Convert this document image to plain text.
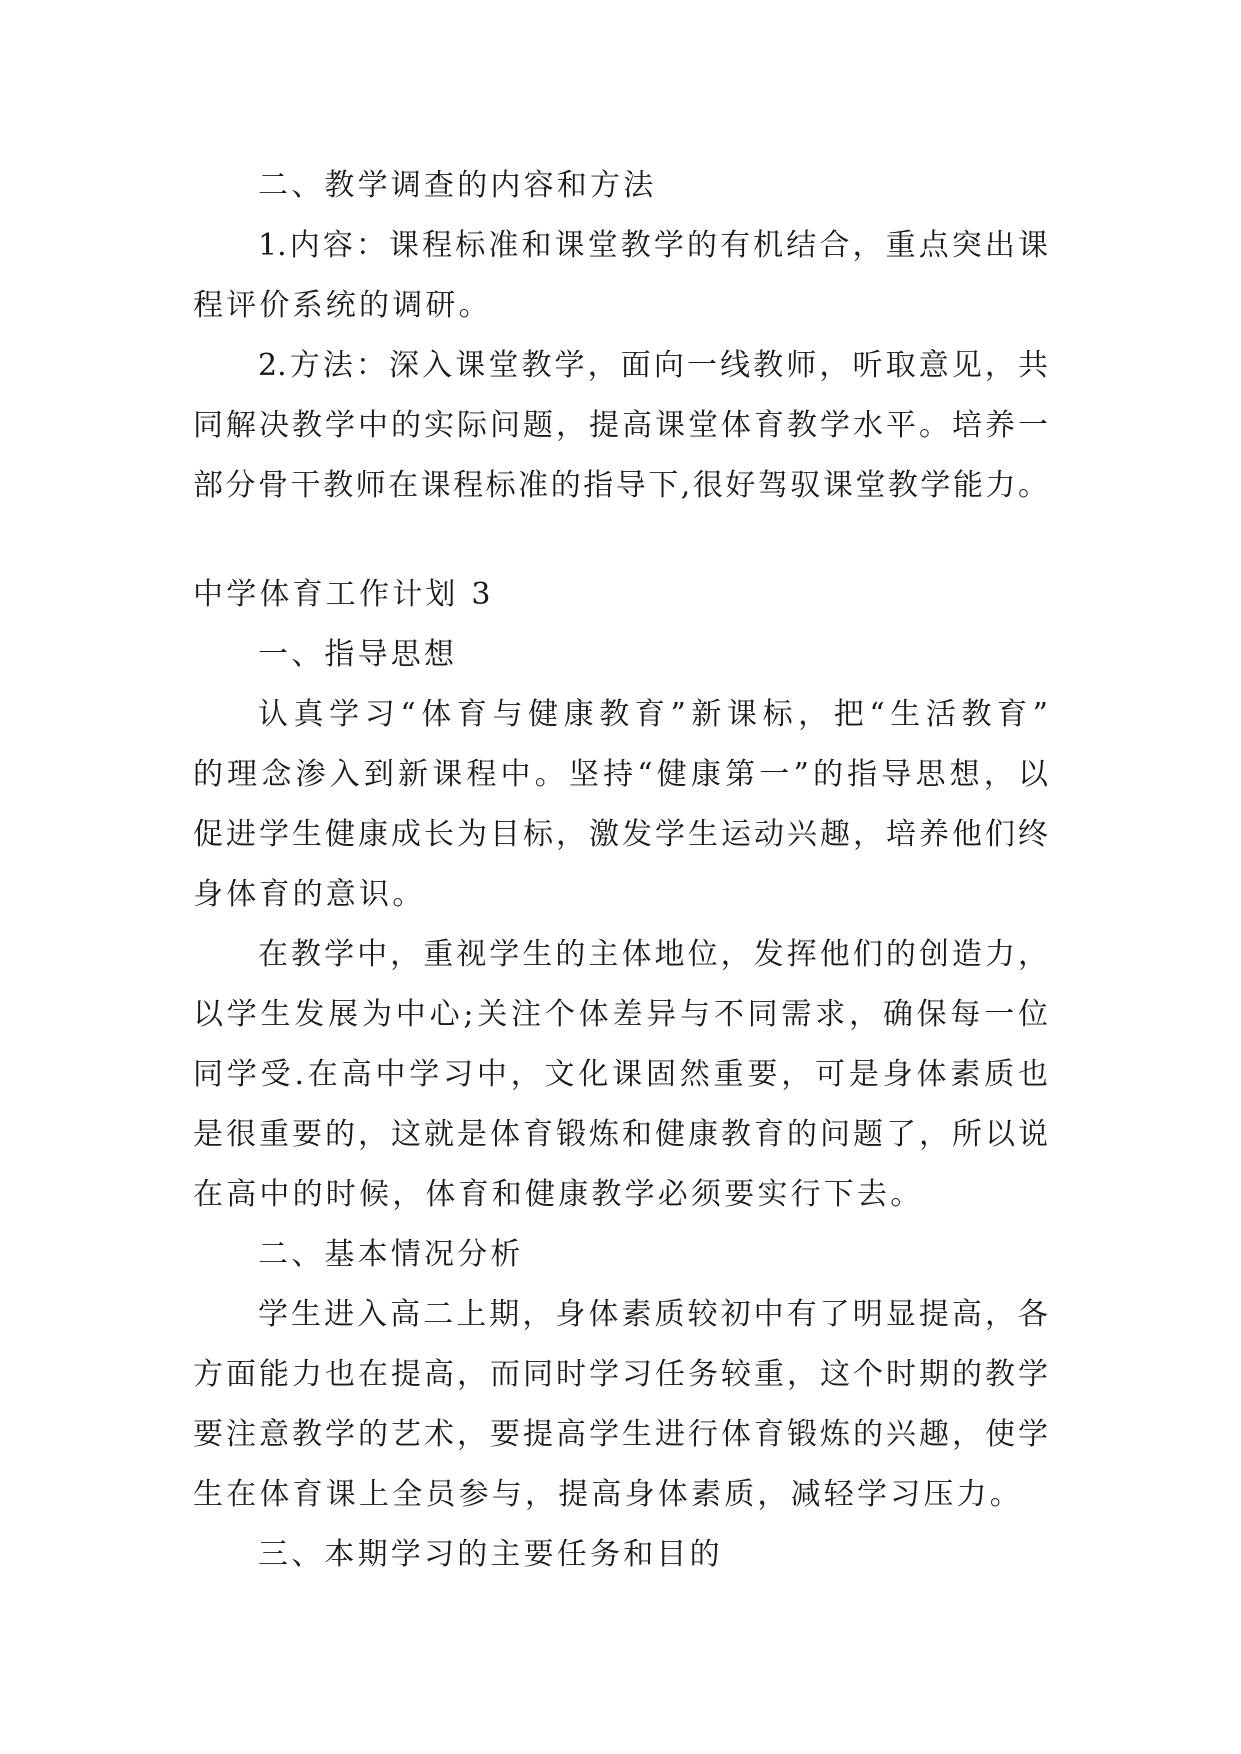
二、教学调查的内容和方法
1.内容：课程标准和课堂教学的有机结合，重点突出课
程评价系统的调研。
2.方法：深入课堂教学，面向一线教师，听取意见，共
同解决教学中的实际问题，提高课堂体育教学水平。培养一
部分骨干教师在课程标准的指导下,很好驾驭课堂教学能力。
中学体育工作计划 3
一、指导思想
认真学习“体育与健康教育”新课标，把“生活教育”
的理念渗入到新课程中。坚持“健康第一”的指导思想，以
促进学生健康成长为目标，激发学生运动兴趣，培养他们终
身体育的意识。
在教学中，重视学生的主体地位，发挥他们的创造力，
以学生发展为中心;关注个体差异与不同需求，确保每一位
同学受.在高中学习中，文化课固然重要，可是身体素质也
是很重要的，这就是体育锻炼和健康教育的问题了，所以说
在高中的时候，体育和健康教学必须要实行下去。
二、基本情况分析
学生进入高二上期，身体素质较初中有了明显提高，各
方面能力也在提高，而同时学习任务较重，这个时期的教学
要注意教学的艺术，要提高学生进行体育锻炼的兴趣，使学
生在体育课上全员参与，提高身体素质，减轻学习压力。
三、本期学习的主要任务和目的
